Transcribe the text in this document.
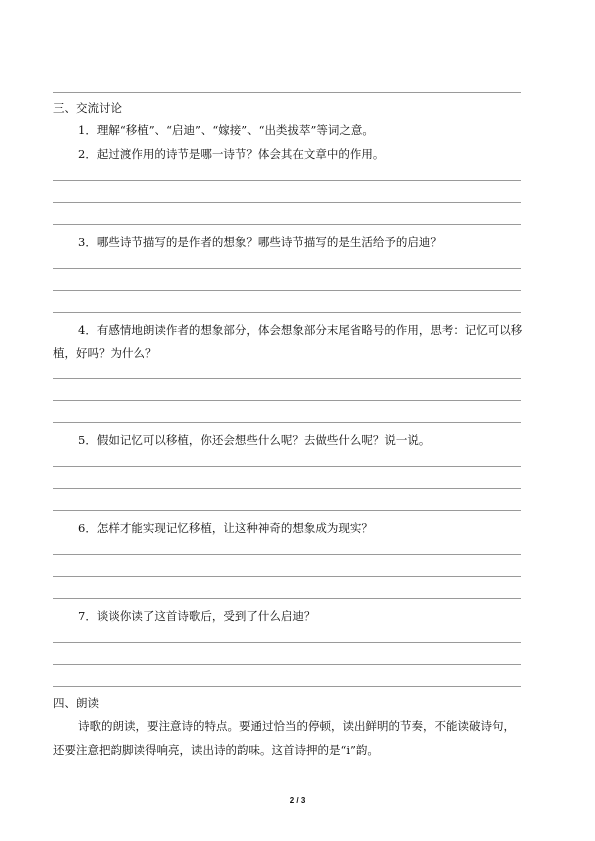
三、交流讨论
1．理解“移植”、“启迪”、“嫁接”、“出类拔萃”等词之意。
2．起过渡作用的诗节是哪一诗节？体会其在文章中的作用。
3．哪些诗节描写的是作者的想象？哪些诗节描写的是生活给予的启迪？
4．有感情地朗读作者的想象部分，体会想象部分末尾省略号的作用，思考：记忆可以移
植，好吗？为什么？
5．假如记忆可以移植，你还会想些什么呢？去做些什么呢？说一说。
6．怎样才能实现记忆移植，让这种神奇的想象成为现实？
7．谈谈你读了这首诗歌后，受到了什么启迪？
四、朗读
诗歌的朗读，要注意诗的特点。要通过恰当的停顿，读出鲜明的节奏，不能读破诗句，
还要注意把韵脚读得响亮，读出诗的韵味。这首诗押的是“i”韵。
2 / 3
